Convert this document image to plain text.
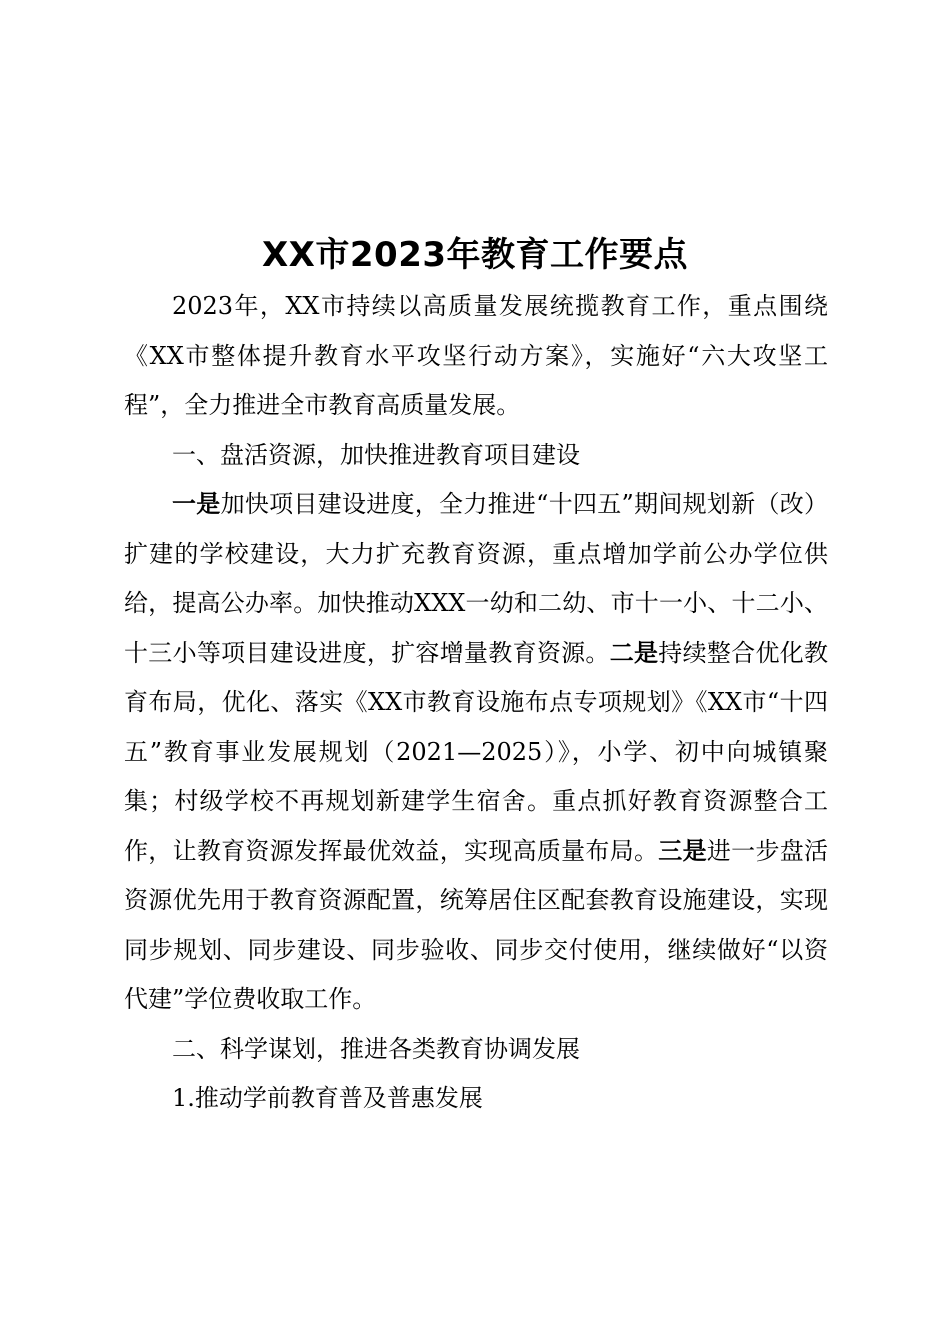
XX市2023年教育工作要点

2023年，XX市持续以高质量发展统揽教育工作，重点围绕《XX市整体提升教育水平攻坚行动方案》，实施好“六大攻坚工程”，全力推进全市教育高质量发展。

一、盘活资源，加快推进教育项目建设

一是加快项目建设进度，全力推进“十四五”期间规划新（改）扩建的学校建设，大力扩充教育资源，重点增加学前公办学位供给，提高公办率。加快推动XXX一幼和二幼、市十一小、十二小、十三小等项目建设进度，扩容增量教育资源。二是持续整合优化教育布局，优化、落实《XX市教育设施布点专项规划》《XX市“十四五”教育事业发展规划（2021—2025）》，小学、初中向城镇聚集；村级学校不再规划新建学生宿舍。重点抓好教育资源整合工作，让教育资源发挥最优效益，实现高质量布局。三是进一步盘活资源优先用于教育资源配置，统筹居住区配套教育设施建设，实现同步规划、同步建设、同步验收、同步交付使用，继续做好“以资代建”学位费收取工作。

二、科学谋划，推进各类教育协调发展

1.推动学前教育普及普惠发展
